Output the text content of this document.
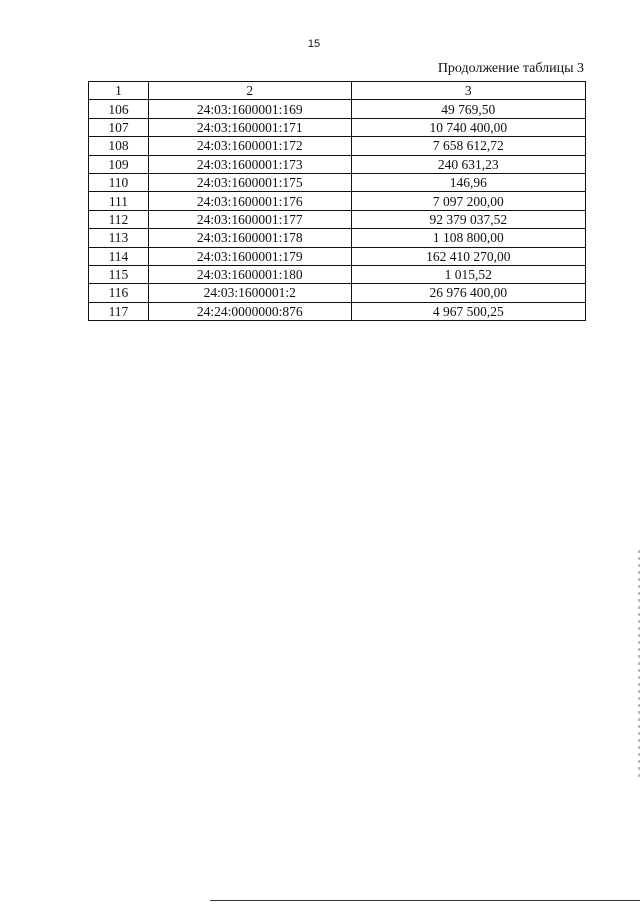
15
Продолжение таблицы 3
1	2	3
106	24:03:1600001:169	49 769,50
107	24:03:1600001:171	10 740 400,00
108	24:03:1600001:172	7 658 612,72
109	24:03:1600001:173	240 631,23
110	24:03:1600001:175	146,96
111	24:03:1600001:176	7 097 200,00
112	24:03:1600001:177	92 379 037,52
113	24:03:1600001:178	1 108 800,00
114	24:03:1600001:179	162 410 270,00
115	24:03:1600001:180	1 015,52
116	24:03:1600001:2	26 976 400,00
117	24:24:0000000:876	4 967 500,25
